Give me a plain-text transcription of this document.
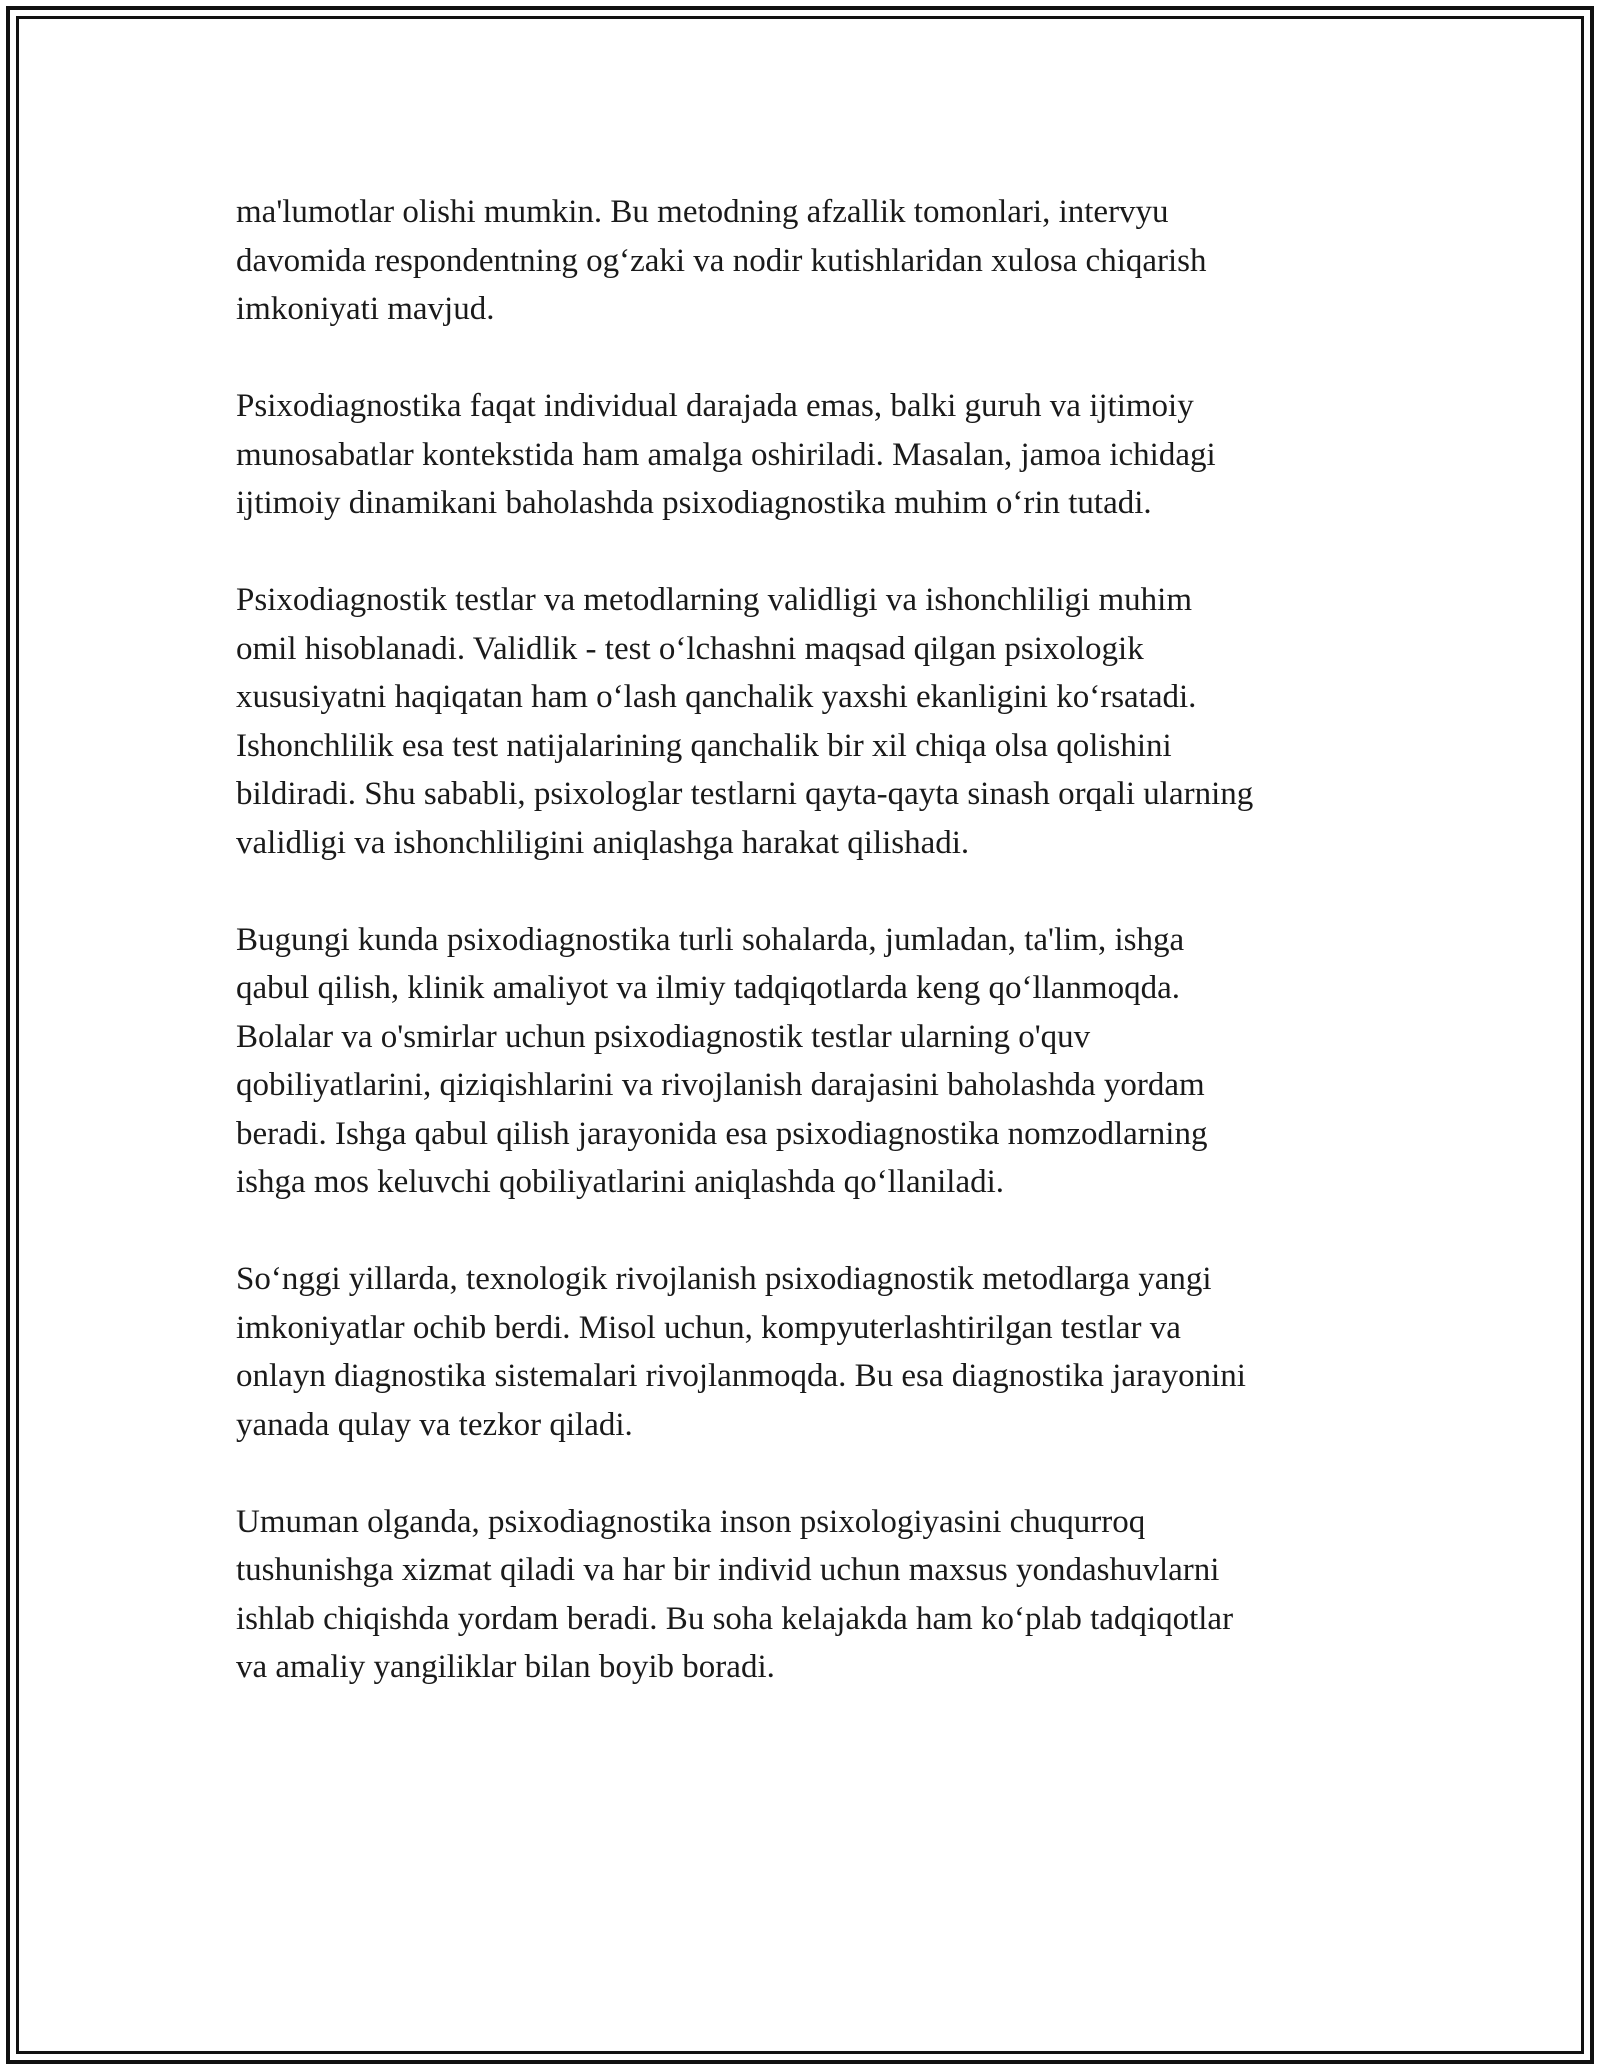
ma'lumotlar olishi mumkin. Bu metodning afzallik tomonlari, intervyu
davomida respondentning og‘zaki va nodir kutishlaridan xulosa chiqarish
imkoniyati mavjud.

Psixodiagnostika faqat individual darajada emas, balki guruh va ijtimoiy
munosabatlar kontekstida ham amalga oshiriladi. Masalan, jamoa ichidagi
ijtimoiy dinamikani baholashda psixodiagnostika muhim o‘rin tutadi.

Psixodiagnostik testlar va metodlarning validligi va ishonchliligi muhim
omil hisoblanadi. Validlik - test o‘lchashni maqsad qilgan psixologik
xususiyatni haqiqatan ham o‘lash qanchalik yaxshi ekanligini ko‘rsatadi.
Ishonchlilik esa test natijalarining qanchalik bir xil chiqa olsa qolishini
bildiradi. Shu sababli, psixologlar testlarni qayta-qayta sinash orqali ularning
validligi va ishonchliligini aniqlashga harakat qilishadi.

Bugungi kunda psixodiagnostika turli sohalarda, jumladan, ta'lim, ishga
qabul qilish, klinik amaliyot va ilmiy tadqiqotlarda keng qo‘llanmoqda.
Bolalar va o'smirlar uchun psixodiagnostik testlar ularning o'quv
qobiliyatlarini, qiziqishlarini va rivojlanish darajasini baholashda yordam
beradi. Ishga qabul qilish jarayonida esa psixodiagnostika nomzodlarning
ishga mos keluvchi qobiliyatlarini aniqlashda qo‘llaniladi.

So‘nggi yillarda, texnologik rivojlanish psixodiagnostik metodlarga yangi
imkoniyatlar ochib berdi. Misol uchun, kompyuterlashtirilgan testlar va
onlayn diagnostika sistemalari rivojlanmoqda. Bu esa diagnostika jarayonini
yanada qulay va tezkor qiladi.

Umuman olganda, psixodiagnostika inson psixologiyasini chuqurroq
tushunishga xizmat qiladi va har bir individ uchun maxsus yondashuvlarni
ishlab chiqishda yordam beradi. Bu soha kelajakda ham ko‘plab tadqiqotlar
va amaliy yangiliklar bilan boyib boradi.
